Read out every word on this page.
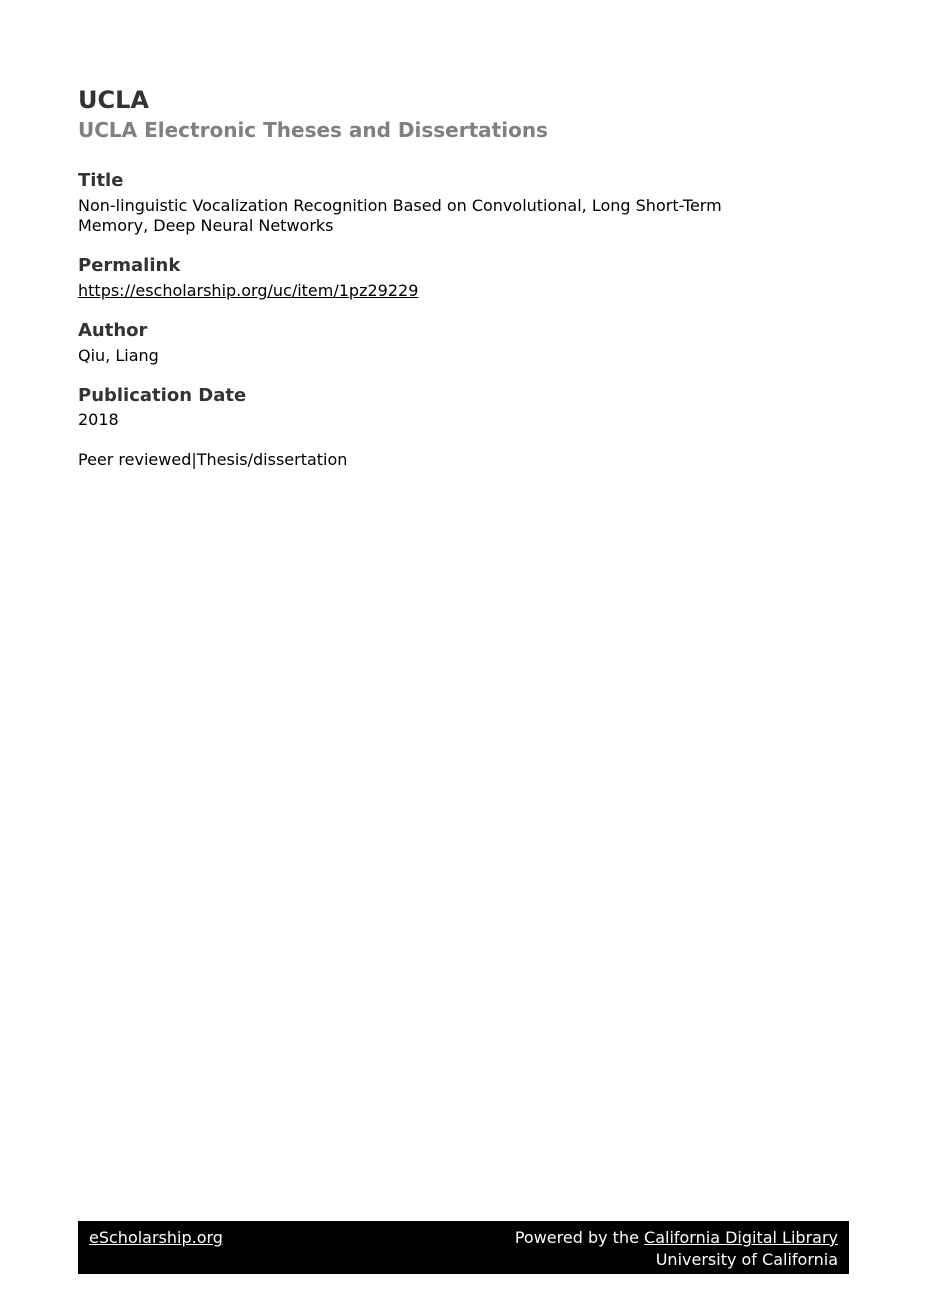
UCLA
UCLA Electronic Theses and Dissertations
Title
Non-linguistic Vocalization Recognition Based on Convolutional, Long Short-Term
Memory, Deep Neural Networks
Permalink
https://escholarship.org/uc/item/1pz29229
Author
Qiu, Liang
Publication Date
2018
Peer reviewed|Thesis/dissertation
eScholarship.org	Powered by the California Digital Library
University of California
